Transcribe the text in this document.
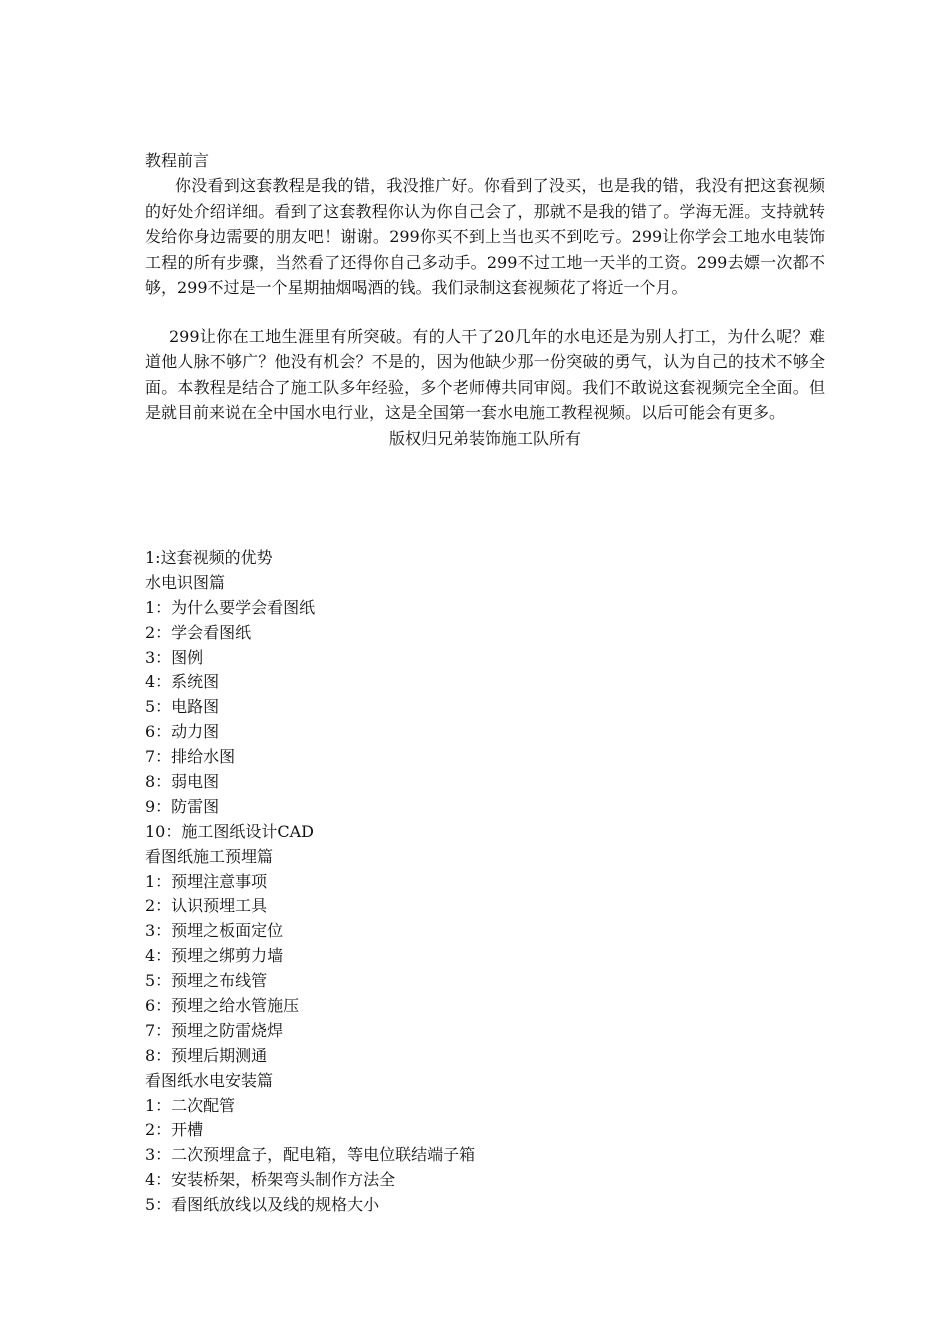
教程前言

你没看到这套教程是我的错，我没推广好。你看到了没买，也是我的错，我没有把这套视频的好处介绍详细。看到了这套教程你认为你自己会了，那就不是我的错了。学海无涯。支持就转发给你身边需要的朋友吧！谢谢。299你买不到上当也买不到吃亏。299让你学会工地水电装饰工程的所有步骤，当然看了还得你自己多动手。299不过工地一天半的工资。299去嫖一次都不够，299不过是一个星期抽烟喝酒的钱。我们录制这套视频花了将近一个月。

299让你在工地生涯里有所突破。有的人干了20几年的水电还是为别人打工，为什么呢？难道他人脉不够广？他没有机会？不是的，因为他缺少那一份突破的勇气，认为自己的技术不够全面。本教程是结合了施工队多年经验，多个老师傅共同审阅。我们不敢说这套视频完全全面。但是就目前来说在全中国水电行业，这是全国第一套水电施工教程视频。以后可能会有更多。

版权归兄弟装饰施工队所有
1:这套视频的优势
水电识图篇
1：为什么要学会看图纸
2：学会看图纸
3：图例
4：系统图
5：电路图
6：动力图
7：排给水图
8：弱电图
9：防雷图
10：施工图纸设计CAD
看图纸施工预埋篇
1：预埋注意事项
2：认识预埋工具
3：预埋之板面定位
4：预埋之绑剪力墙
5：预埋之布线管
6：预埋之给水管施压
7：预埋之防雷烧焊
8：预埋后期测通
看图纸水电安装篇
1：二次配管
2：开槽
3：二次预埋盒子，配电箱，等电位联结端子箱
4：安装桥架，桥架弯头制作方法全
5：看图纸放线以及线的规格大小
